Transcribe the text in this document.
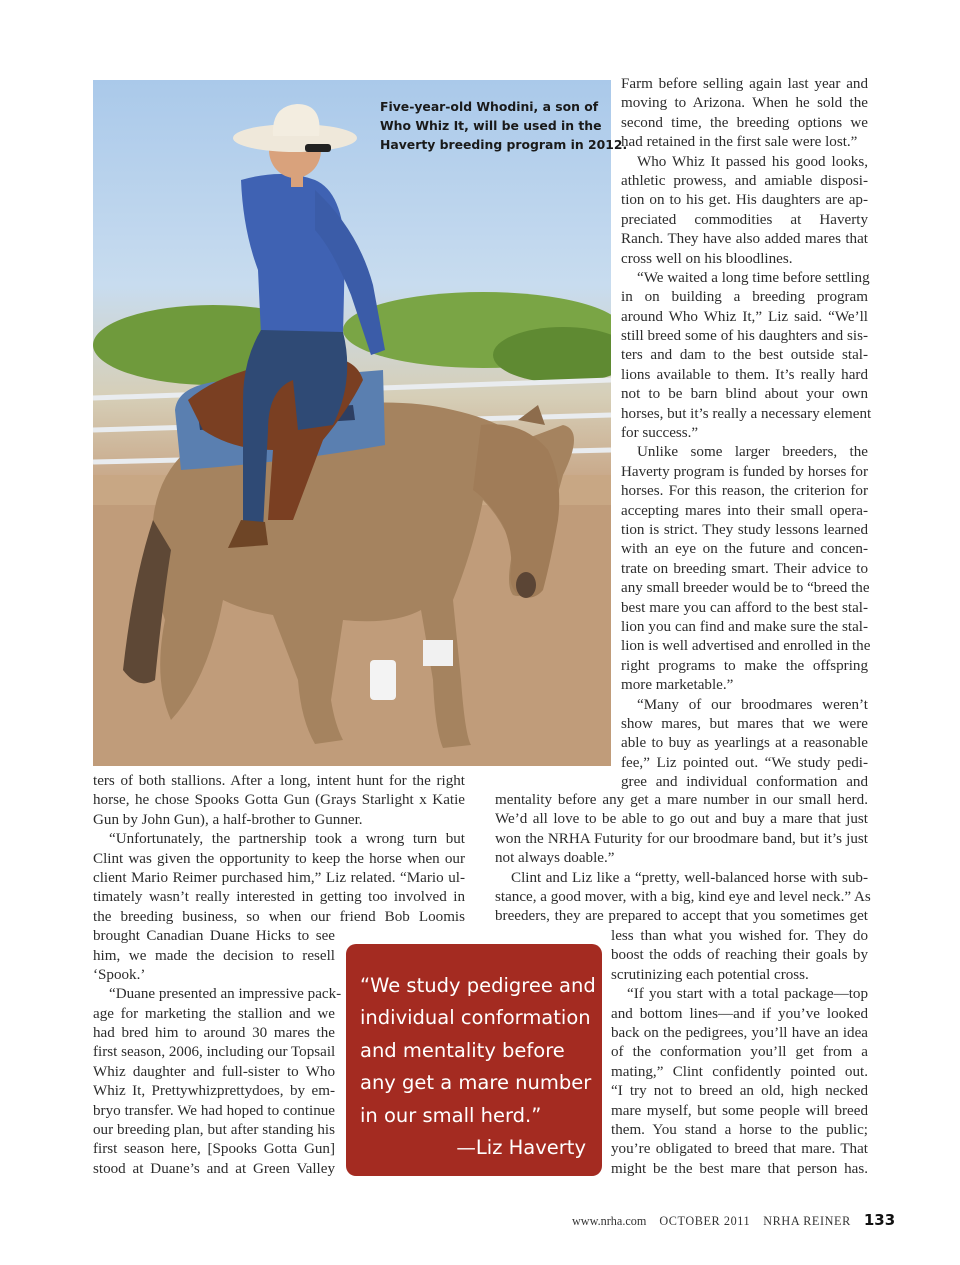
Five-year-old Whodini, a son of
Who Whiz It, will be used in the
Haverty breeding program in 2012.

Farm before selling again last year and
moving to Arizona. When he sold the
second time, the breeding options we
had retained in the first sale were lost.”

Who Whiz It passed his good looks,
athletic prowess, and amiable disposi-
tion on to his get. His daughters are ap-
preciated commodities at Haverty
Ranch. They have also added mares that
cross well on his bloodlines.

“We waited a long time before settling
in on building a breeding program
around Who Whiz It,” Liz said. “We’ll
still breed some of his daughters and sis-
ters and dam to the best outside stal-
lions available to them. It’s really hard
not to be barn blind about your own
horses, but it’s really a necessary element
for success.”

Unlike some larger breeders, the
Haverty program is funded by horses for
horses. For this reason, the criterion for
accepting mares into their small opera-
tion is strict. They study lessons learned
with an eye on the future and concen-
trate on breeding smart. Their advice to
any small breeder would be to “breed the
best mare you can afford to the best stal-
lion you can find and make sure the stal-
lion is well advertised and enrolled in the
right programs to make the offspring
more marketable.”

“Many of our broodmares weren’t
show mares, but mares that we were
able to buy as yearlings at a reasonable
fee,” Liz pointed out. “We study pedi-
gree and individual conformation and

ters of both stallions. After a long, intent hunt for the right
horse, he chose Spooks Gotta Gun (Grays Starlight x Katie
Gun by John Gun), a half-brother to Gunner.

“Unfortunately, the partnership took a wrong turn but
Clint was given the opportunity to keep the horse when our
client Mario Reimer purchased him,” Liz related. “Mario ul-
timately wasn’t really interested in getting too involved in
the breeding business, so when our friend Bob Loomis
brought Canadian Duane Hicks to see
him, we made the decision to resell
‘Spook.’

“Duane presented an impressive pack-
age for marketing the stallion and we
had bred him to around 30 mares the
first season, 2006, including our Topsail
Whiz daughter and full-sister to Who
Whiz It, Prettywhizprettydoes, by em-
bryo transfer. We had hoped to continue
our breeding plan, but after standing his
first season here, [Spooks Gotta Gun]
stood at Duane’s and at Green Valley

mentality before any get a mare number in our small herd.
We’d all love to be able to go out and buy a mare that just
won the NRHA Futurity for our broodmare band, but it’s just
not always doable.”
Clint and Liz like a “pretty, well-balanced horse with sub-
stance, a good mover, with a big, kind eye and level neck.” As
breeders, they are prepared to accept that you sometimes get

less than what you wished for. They do
boost the odds of reaching their goals by
scrutinizing each potential cross.

“If you start with a total package—top
and bottom lines—and if you’ve looked
back on the pedigrees, you’ll have an idea
of the conformation you’ll get from a
mating,” Clint confidently pointed out.
“I try not to breed an old, high necked
mare myself, but some people will breed
them. You stand a horse to the public;
you’re obligated to breed that mare. That
might be the best mare that person has.

“We study pedigree and
individual conformation
and mentality before
any get a mare number
in our small herd.”
—Liz Haverty
www.nrha.com OCTOBER 2011 NRHA REINER 133
